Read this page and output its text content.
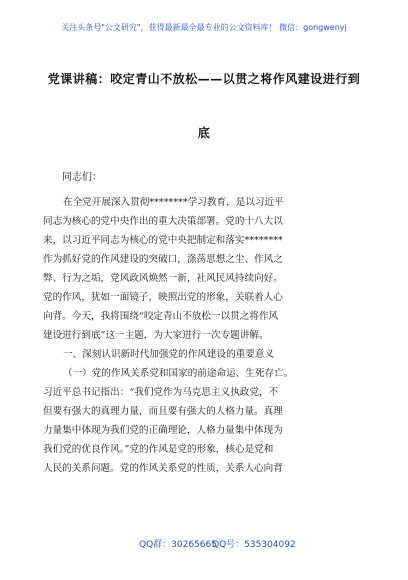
关注头条号"公文研究"，获得最新最全最专业的公文资料库！ 微信：gongwenyj
党课讲稿：咬定青山不放松——以贯之将作风建设进行到
底
同志们：
在全党开展深入贯彻********学习教育，是以习近平
同志为核心的党中央作出的重大决策部署。党的十八大以
来，以习近平同志为核心的党中央把制定和落实********
作为抓好党的作风建设的突破口，涤荡思想之尘、作风之
弊、行为之垢，党风政风焕然一新，社风民风持续向好。
党的作风，犹如一面镜子，映照出党的形象，关联着人心
向背。今天，我将围绕“咬定青山不放松一以贯之将作风
建设进行到底”这一主题，为大家进行一次专题讲解。
一、深刻认识新时代加强党的作风建设的重要意义
（一）党的作风关系党和国家的前途命运、生死存亡。
习近平总书记指出：“我们党作为马克思主义执政党，不
但要有强大的真理力量，而且要有强大的人格力量。真理
力量集中体现为我们党的正确理论，人格力量集中体现为
我们党的优良作风。”党的作风是党的形象，核心是党和
人民的关系问题。党的作风关系党的性质，关系人心向背
QQ群：30265665
QQ号：535304092
